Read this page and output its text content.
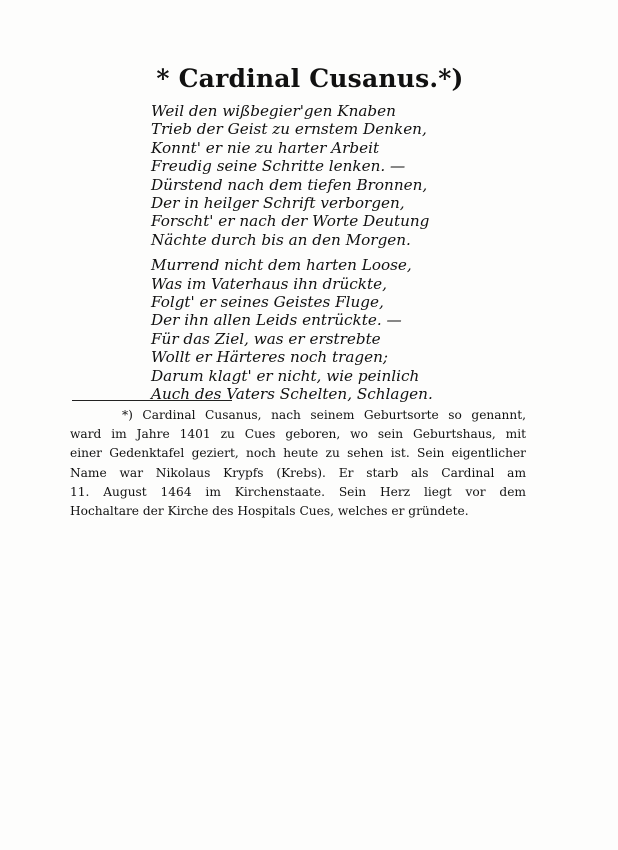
* Cardinal Cusanus.*)
Weil den wißbegier'gen Knaben
Trieb der Geist zu ernstem Denken,
Konnt' er nie zu harter Arbeit
Freudig seine Schritte lenken. —
Dürstend nach dem tiefen Bronnen,
Der in heilger Schrift verborgen,
Forscht' er nach der Worte Deutung
Nächte durch bis an den Morgen.
Murrend nicht dem harten Loose,
Was im Vaterhaus ihn drückte,
Folgt' er seines Geistes Fluge,
Der ihn allen Leids entrückte. —
Für das Ziel, was er erstrebte
Wollt er Härteres noch tragen;
Darum klagt' er nicht, wie peinlich
Auch des Vaters Schelten, Schlagen.
*) Cardinal Cusanus, nach seinem Geburtsorte so genannt,
ward im Jahre 1401 zu Cues geboren, wo sein Geburtshaus, mit
einer Gedenktafel geziert, noch heute zu sehen ist. Sein eigentlicher
Name war Nikolaus Krypfs (Krebs). Er starb als Cardinal am
11. August 1464 im Kirchenstaate. Sein Herz liegt vor dem
Hochaltare der Kirche des Hospitals Cues, welches er gründete.
